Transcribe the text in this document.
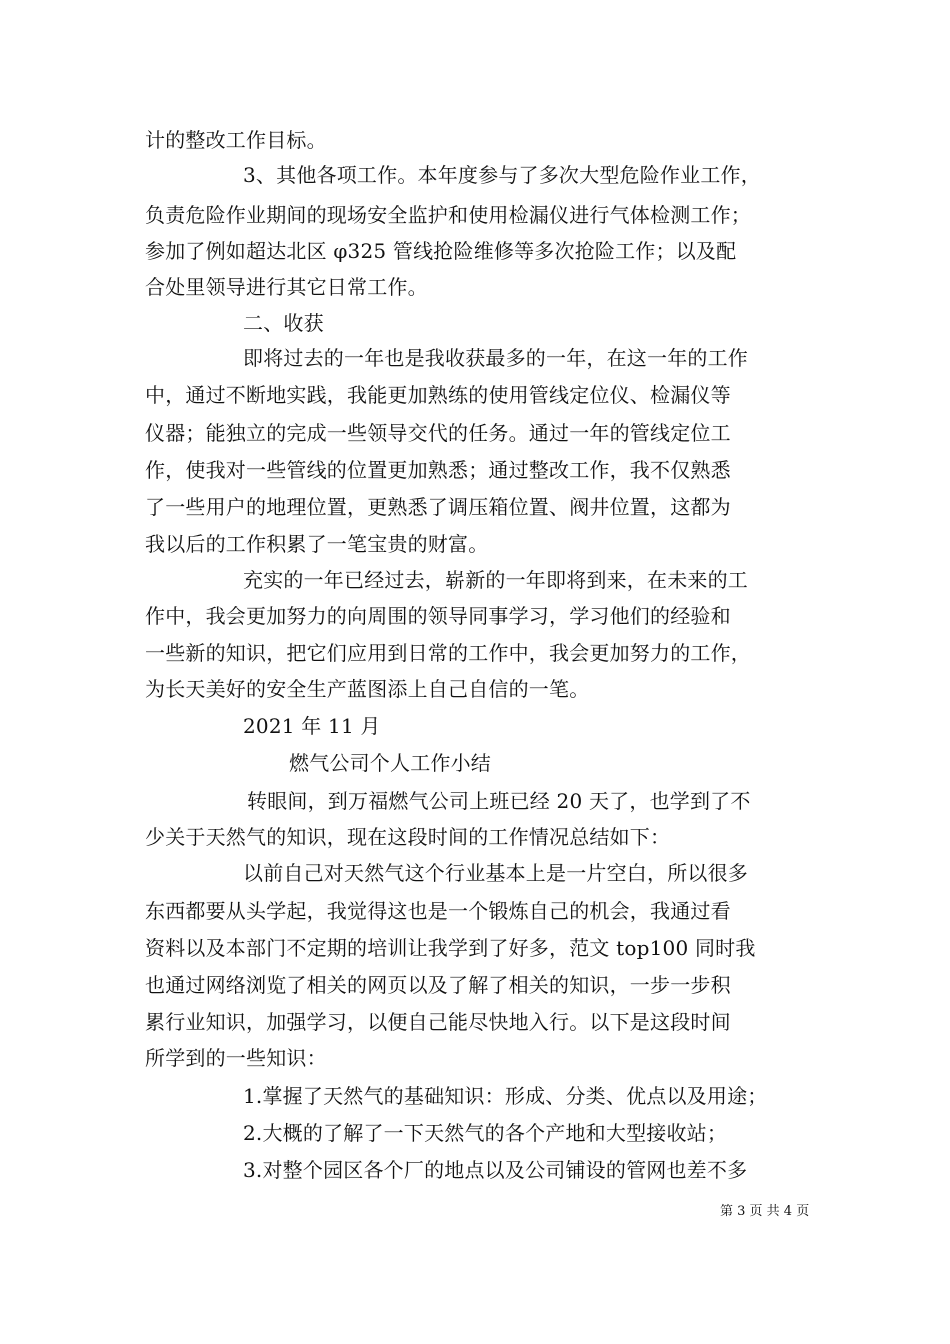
计的整改工作目标。
3、其他各项工作。本年度参与了多次大型危险作业工作，
负责危险作业期间的现场安全监护和使用检漏仪进行气体检测工作；
参加了例如超达北区 φ325 管线抢险维修等多次抢险工作；以及配
合处里领导进行其它日常工作。
二、收获
即将过去的一年也是我收获最多的一年，在这一年的工作
中，通过不断地实践，我能更加熟练的使用管线定位仪、检漏仪等
仪器；能独立的完成一些领导交代的任务。通过一年的管线定位工
作，使我对一些管线的位置更加熟悉；通过整改工作，我不仅熟悉
了一些用户的地理位置，更熟悉了调压箱位置、阀井位置，这都为
我以后的工作积累了一笔宝贵的财富。
充实的一年已经过去，崭新的一年即将到来，在未来的工
作中，我会更加努力的向周围的领导同事学习，学习他们的经验和
一些新的知识，把它们应用到日常的工作中，我会更加努力的工作，
为长天美好的安全生产蓝图添上自己自信的一笔。
2021 年 11 月
燃气公司个人工作小结
转眼间，到万福燃气公司上班已经 20 天了，也学到了不
少关于天然气的知识，现在这段时间的工作情况总结如下：
以前自己对天然气这个行业基本上是一片空白，所以很多
东西都要从头学起，我觉得这也是一个锻炼自己的机会，我通过看
资料以及本部门不定期的培训让我学到了好多，范文 top100 同时我
也通过网络浏览了相关的网页以及了解了相关的知识，一步一步积
累行业知识，加强学习，以便自己能尽快地入行。以下是这段时间
所学到的一些知识：
1.掌握了天然气的基础知识：形成、分类、优点以及用途；
2.大概的了解了一下天然气的各个产地和大型接收站；
3.对整个园区各个厂的地点以及公司铺设的管网也差不多
第 3 页 共 4 页
